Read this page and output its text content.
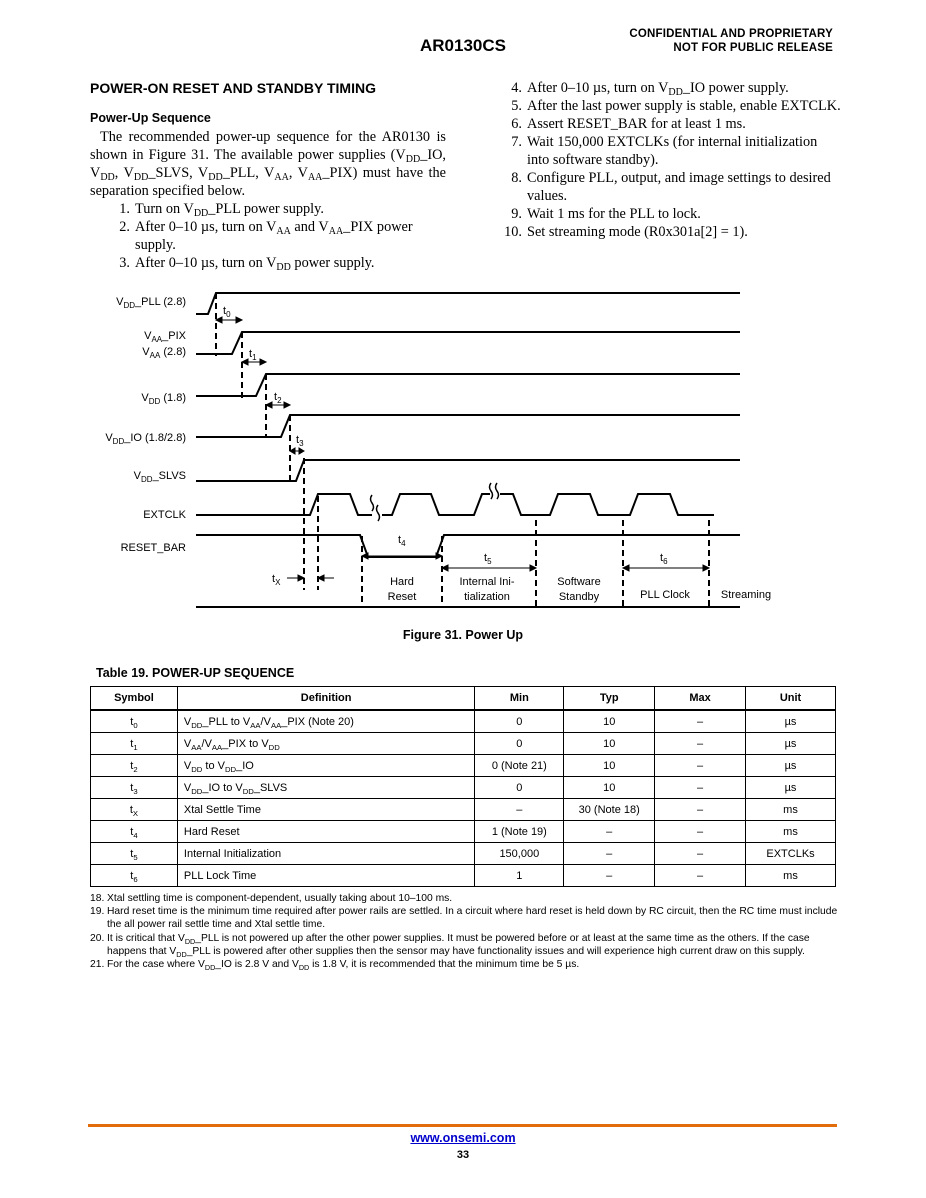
CONFIDENTIAL AND PROPRIETARY
NOT FOR PUBLIC RELEASE
AR0130CS
POWER-ON RESET AND STANDBY TIMING
Power-Up Sequence
The recommended power-up sequence for the AR0130 is shown in Figure 31. The available power supplies ($V_{DD}\_IO$, $V_{DD}$, $V_{DD}\_SLVS$, $V_{DD}\_PLL$, $V_{AA}$, $V_{AA}\_PIX$) must have the separation specified below.
1. Turn on $V_{DD}\_PLL$ power supply.
2. After 0–10 µs, turn on $V_{AA}$ and $V_{AA}\_PIX$ power supply.
3. After 0–10 µs, turn on $V_{DD}$ power supply.
4. After 0–10 µs, turn on $V_{DD}\_IO$ power supply.
5. After the last power supply is stable, enable EXTCLK.
6. Assert RESET_BAR for at least 1 ms.
7. Wait 150,000 EXTCLKs (for internal initialization into software standby).
8. Configure PLL, output, and image settings to desired values.
9. Wait 1 ms for the PLL to lock.
10. Set streaming mode (R0x301a[2] = 1).
$V_{DD}\_PLL$ (2.8)
$V_{AA}\_PIX$
$V_{AA}$ (2.8)
$V_{DD}$ (1.8)
$V_{DD}\_IO$ (1.8/2.8)
$V_{DD}\_SLVS$
EXTCLK
RESET_BAR
$t_0$
$t_1$
$t_2$
$t_3$
$t_X$
$t_4$
$t_5$	$t_6$
Hard
Reset
Internal Ini-
tialization
Software
Standby	PLL Clock	Streaming
Figure 31. Power Up
Table 19. POWER-UP SEQUENCE
Symbol	Definition	Min	Typ	Max	Unit
$t_0$	$V_{DD}\_PLL$ to $V_{AA}/V_{AA}\_PIX$ (Note 20)	0	10	–	µs
$t_1$	$V_{AA}/V_{AA}\_PIX$ to $V_{DD}$	0	10	–	µs
$t_2$	$V_{DD}$ to $V_{DD}\_IO$	0 (Note 21)	10	–	µs
$t_3$	$V_{DD}\_IO$ to $V_{DD}\_SLVS$	0	10	–	µs
$t_X$	Xtal Settle Time	–	30 (Note 18)	–	ms
$t_4$	Hard Reset	1 (Note 19)	–	–	ms
$t_5$	Internal Initialization	150,000	–	–	EXTCLKs
$t_6$	PLL Lock Time	1	–	–	ms
18. Xtal settling time is component-dependent, usually taking about 10–100 ms.
19. Hard reset time is the minimum time required after power rails are settled. In a circuit where hard reset is held down by RC circuit, then the RC time must include the all power rail settle time and Xtal settle time.
20. It is critical that $V_{DD}\_PLL$ is not powered up after the other power supplies. It must be powered before or at least at the same time as the others. If the case happens that $V_{DD}\_PLL$ is powered after other supplies then the sensor may have functionality issues and will experience high current draw on this supply.
21. For the case where $V_{DD}\_IO$ is 2.8 V and $V_{DD}$ is 1.8 V, it is recommended that the minimum time be 5 µs.
www.onsemi.com
33
